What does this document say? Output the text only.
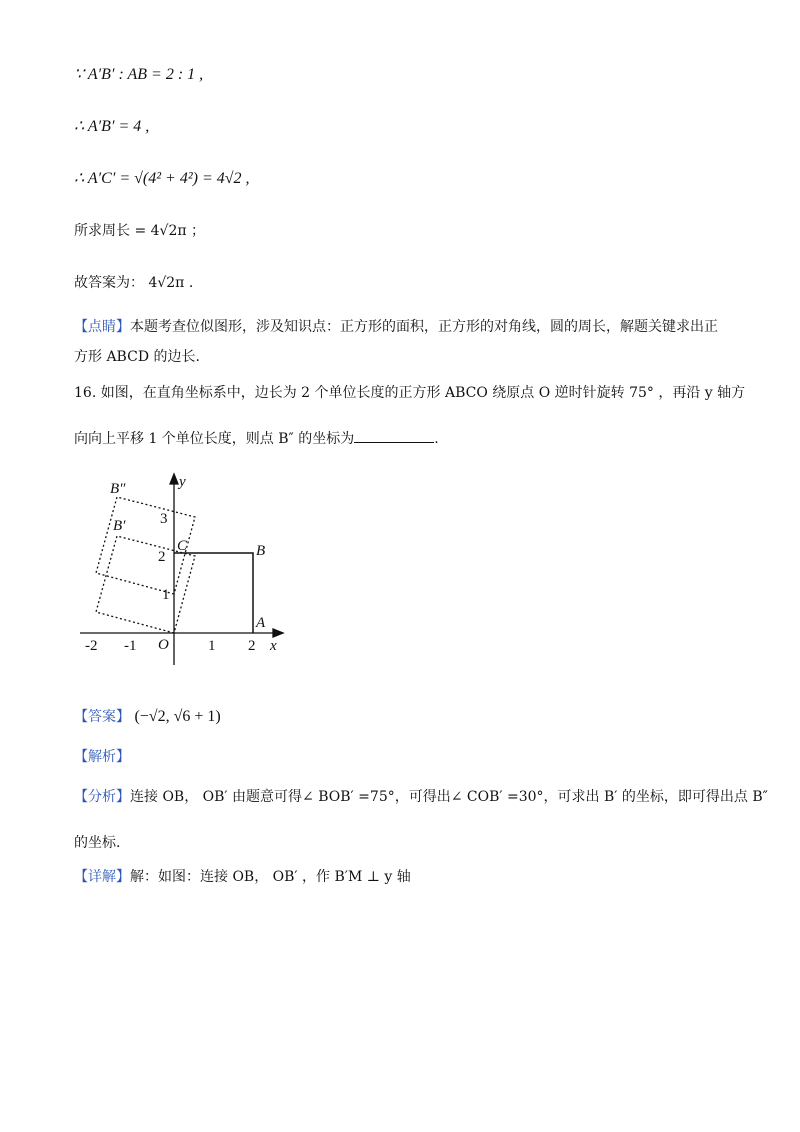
∵ A′B′ : AB = 2 : 1 ,
∴ A′B′ = 4 ,
∴ A′C′ = √(4² + 4²) = 4√2 ,
所求周长 = 4√2π ；
故答案为： 4√2π .
【点睛】本题考查位似图形，涉及知识点：正方形的面积，正方形的对角线，圆的周长，解题关键求出正
方形 ABCD 的边长.
16. 如图，在直角坐标系中，边长为 2 个单位长度的正方形 ABCO 绕原点 O 逆时针旋转 75° ，再沿 y 轴方
向向上平移 1 个单位长度，则点 B″ 的坐标为	.
y
x
-2 -1	1 2
O
1
2
3
C	B
A
B′
B″
【答案】 (−√2, √6 + 1)
【解析】
【分析】连接 OB， OB′ 由题意可得∠ BOB′ =75°，可得出∠ COB′ =30°，可求出 B′ 的坐标，即可得出点 B″
的坐标.
【详解】解：如图：连接 OB， OB′ ，作 B′M ⊥ y 轴
